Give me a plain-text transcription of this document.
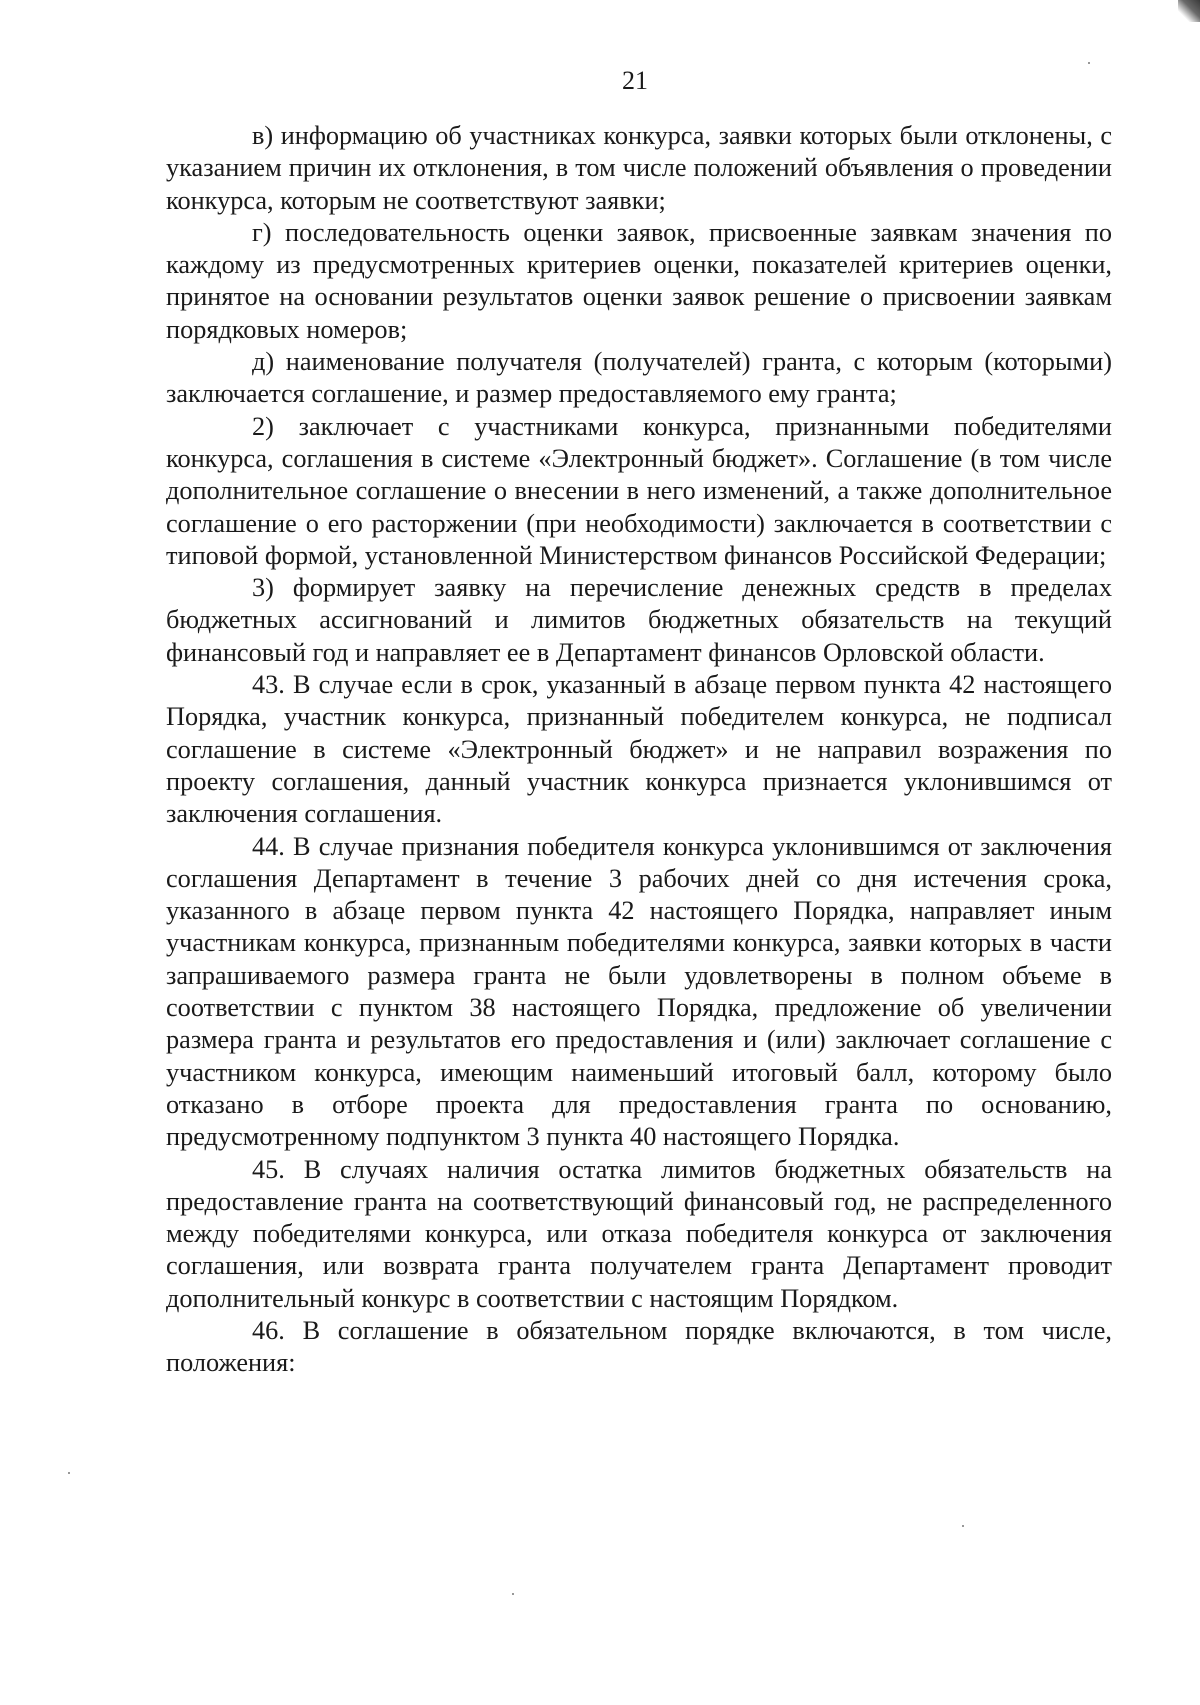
21

в) информацию об участниках конкурса, заявки которых были отклонены, с указанием причин их отклонения, в том числе положений объявления о проведении конкурса, которым не соответствуют заявки;

г) последовательность оценки заявок, присвоенные заявкам значения по каждому из предусмотренных критериев оценки, показателей критериев оценки, принятое на основании результатов оценки заявок решение о присвоении заявкам порядковых номеров;

д) наименование получателя (получателей) гранта, с которым (которыми) заключается соглашение, и размер предоставляемого ему гранта;

2) заключает с участниками конкурса, признанными победителями конкурса, соглашения в системе «Электронный бюджет». Соглашение (в том числе дополнительное соглашение о внесении в него изменений, а также дополнительное соглашение о его расторжении (при необходимости) заключается в соответствии с типовой формой, установленной Министерством финансов Российской Федерации;

3) формирует заявку на перечисление денежных средств в пределах бюджетных ассигнований и лимитов бюджетных обязательств на текущий финансовый год и направляет ее в Департамент финансов Орловской области.

43. В случае если в срок, указанный в абзаце первом пункта 42 настоящего Порядка, участник конкурса, признанный победителем конкурса, не подписал соглашение в системе «Электронный бюджет» и не направил возражения по проекту соглашения, данный участник конкурса признается уклонившимся от заключения соглашения.

44. В случае признания победителя конкурса уклонившимся от заключения соглашения Департамент в течение 3 рабочих дней со дня истечения срока, указанного в абзаце первом пункта 42 настоящего Порядка, направляет иным участникам конкурса, признанным победителями конкурса, заявки которых в части запрашиваемого размера гранта не были удовлетворены в полном объеме в соответствии с пунктом 38 настоящего Порядка, предложение об увеличении размера гранта и результатов его предоставления и (или) заключает соглашение с участником конкурса, имеющим наименьший итоговый балл, которому было отказано в отборе проекта для предоставления гранта по основанию, предусмотренному подпунктом 3 пункта 40 настоящего Порядка.

45. В случаях наличия остатка лимитов бюджетных обязательств на предоставление гранта на соответствующий финансовый год, не распределенного между победителями конкурса, или отказа победителя конкурса от заключения соглашения, или возврата гранта получателем гранта Департамент проводит дополнительный конкурс в соответствии с настоящим Порядком.

46. В соглашение в обязательном порядке включаются, в том числе, положения:
